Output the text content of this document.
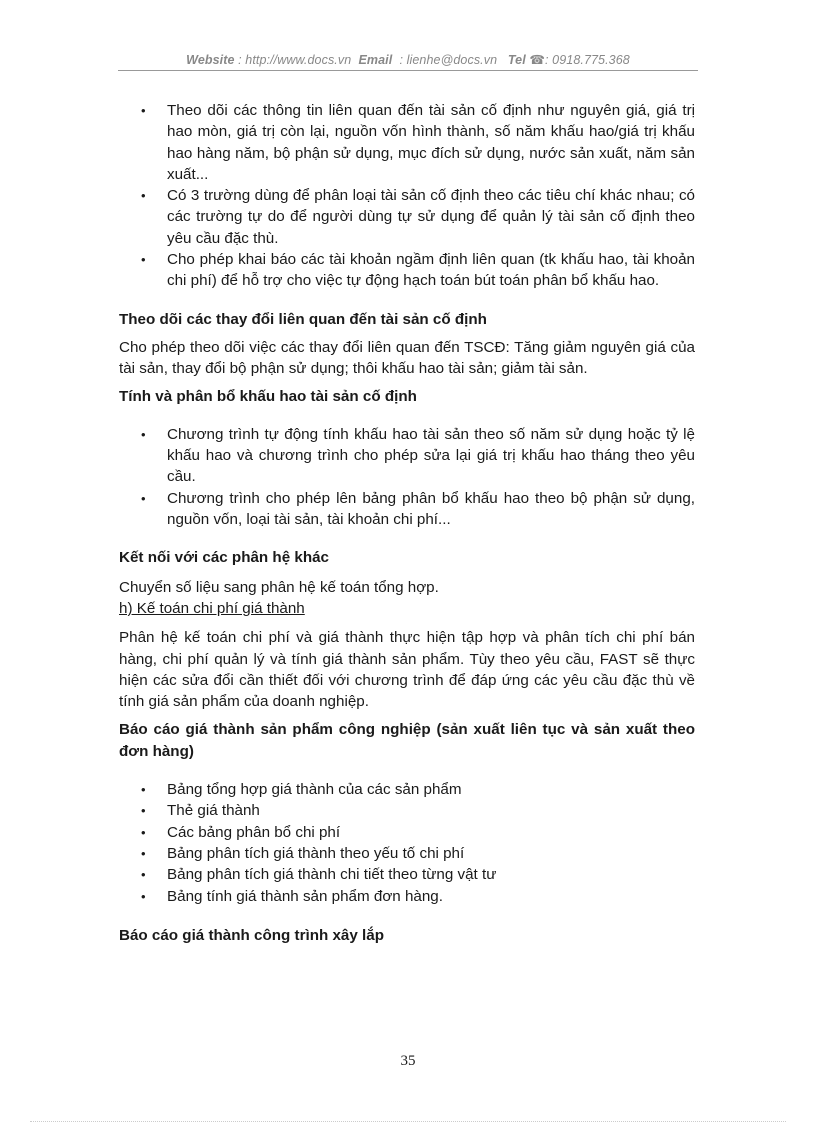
Website : http://www.docs.vn Email : lienhe@docs.vn Tel ☎: 0918.775.368
• Theo dõi các thông tin liên quan đến tài sản cố định như nguyên giá, giá trị hao mòn, giá trị còn lại, nguồn vốn hình thành, số năm khấu hao/giá trị khấu hao hàng năm, bộ phận sử dụng, mục đích sử dụng, nước sản xuất, năm sản xuất...
• Có 3 trường dùng để phân loại tài sản cố định theo các tiêu chí khác nhau; có các trường tự do để người dùng tự sử dụng để quản lý tài sản cố định theo yêu cầu đặc thù.
• Cho phép khai báo các tài khoản ngầm định liên quan (tk khấu hao, tài khoản chi phí) để hỗ trợ cho việc tự động hạch toán bút toán phân bổ khấu hao.
Theo dõi các thay đổi liên quan đến tài sản cố định

Cho phép theo dõi việc các thay đổi liên quan đến TSCĐ: Tăng giảm nguyên giá của tài sản, thay đổi bộ phận sử dụng; thôi khấu hao tài sản; giảm tài sản.

Tính và phân bổ khấu hao tài sản cố định
• Chương trình tự động tính khấu hao tài sản theo số năm sử dụng hoặc tỷ lệ khấu hao và chương trình cho phép sửa lại giá trị khấu hao tháng theo yêu cầu.
• Chương trình cho phép lên bảng phân bổ khấu hao theo bộ phận sử dụng, nguồn vốn, loại tài sản, tài khoản chi phí...
Kết nối với các phân hệ khác

Chuyển số liệu sang phân hệ kế toán tổng hợp.

h) Kế toán chi phí giá thành

Phân hệ kế toán chi phí và giá thành thực hiện tập hợp và phân tích chi phí bán hàng, chi phí quản lý và tính giá thành sản phẩm. Tùy theo yêu cầu, FAST sẽ thực hiện các sửa đổi cần thiết đối với chương trình để đáp ứng các yêu cầu đặc thù về tính giá sản phẩm của doanh nghiệp.

Báo cáo giá thành sản phẩm công nghiệp (sản xuất liên tục và sản xuất theo đơn hàng)
• Bảng tổng hợp giá thành của các sản phẩm
• Thẻ giá thành
• Các bảng phân bổ chi phí
• Bảng phân tích giá thành theo yếu tố chi phí
• Bảng phân tích giá thành chi tiết theo từng vật tư
• Bảng tính giá thành sản phẩm đơn hàng.
Báo cáo giá thành công trình xây lắp
35
